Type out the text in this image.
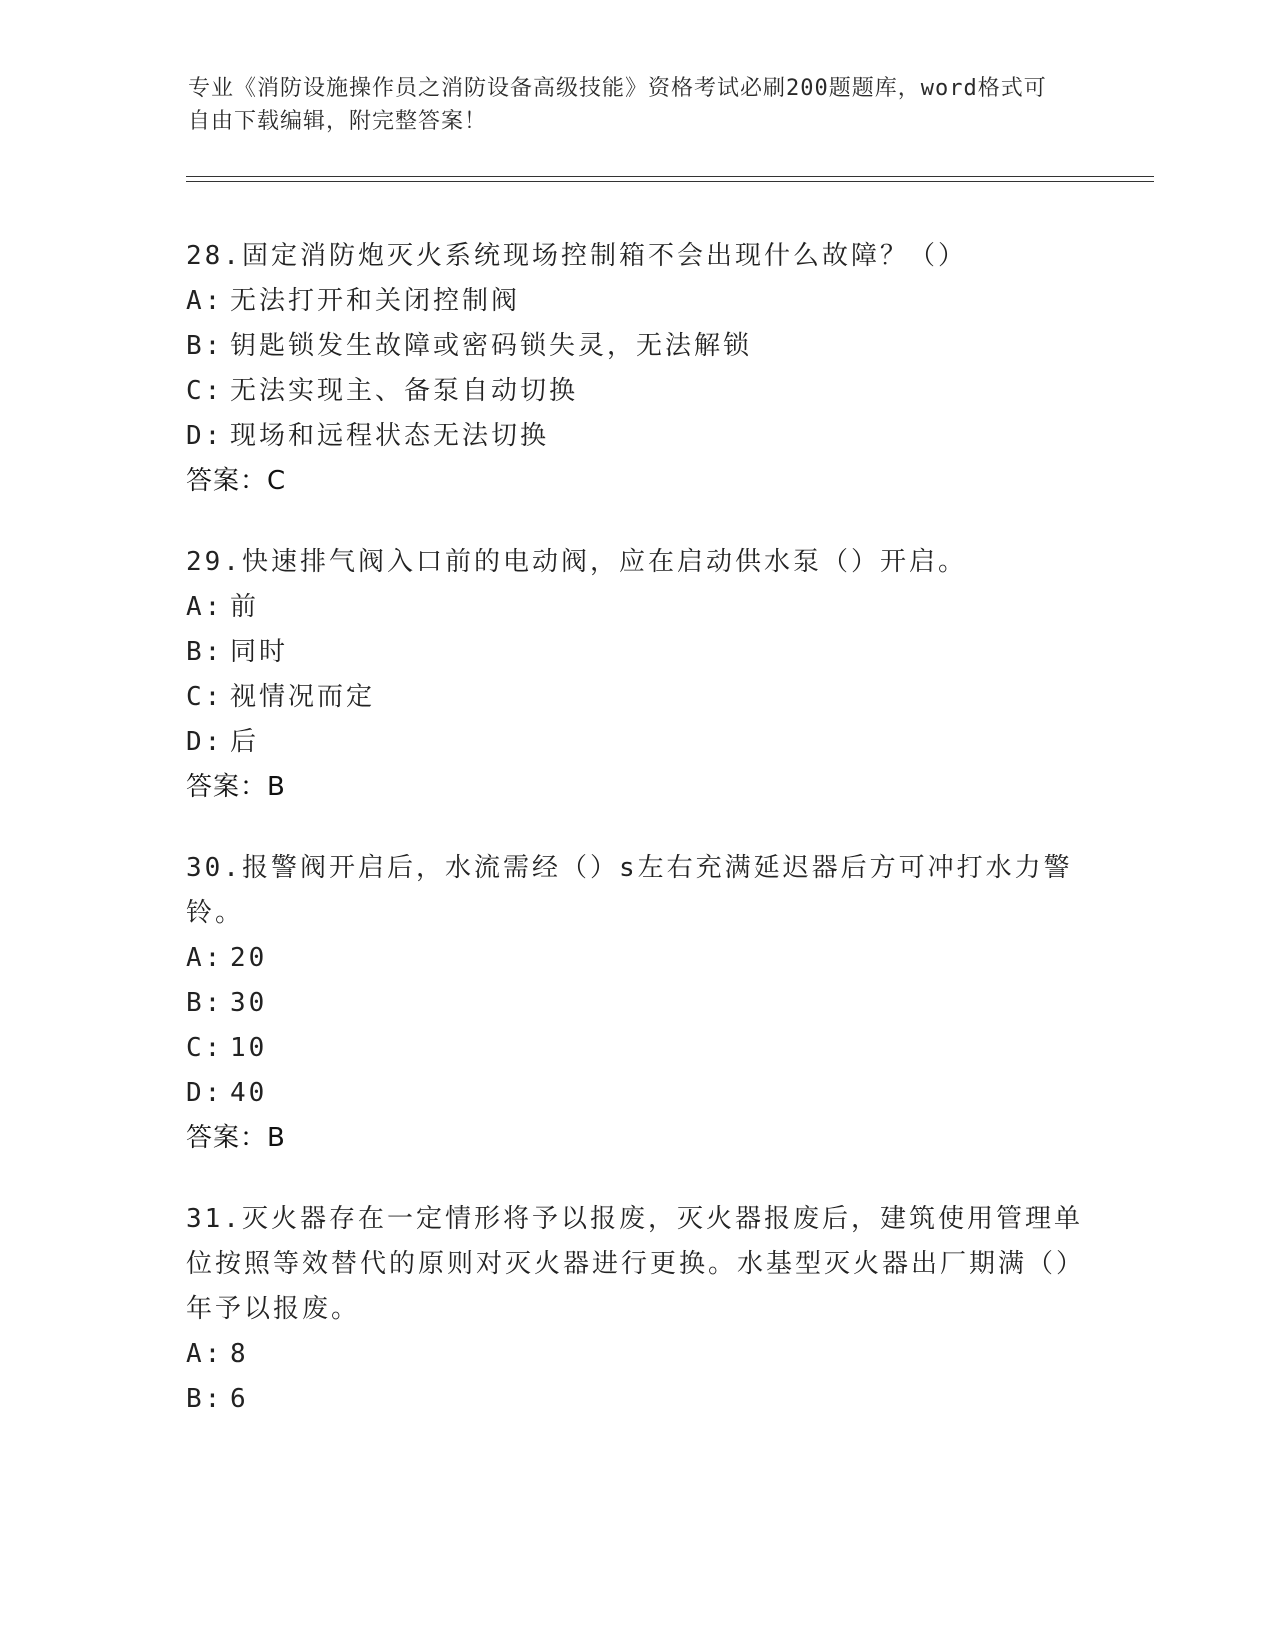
专业《消防设施操作员之消防设备高级技能》资格考试必刷200题题库，word格式可自由下载编辑，附完整答案！

28.固定消防炮灭火系统现场控制箱不会出现什么故障？（）

A: 无法打开和关闭控制阀

B: 钥匙锁发生故障或密码锁失灵，无法解锁

C: 无法实现主、备泵自动切换

D: 现场和远程状态无法切换

答案：C

29.快速排气阀入口前的电动阀，应在启动供水泵（）开启。

A: 前

B: 同时

C: 视情况而定

D: 后

答案：B

30.报警阀开启后，水流需经（）s左右充满延迟器后方可冲打水力警铃。

A: 20

B: 30

C: 10

D: 40

答案：B

31.灭火器存在一定情形将予以报废，灭火器报废后，建筑使用管理单位按照等效替代的原则对灭火器进行更换。水基型灭火器出厂期满（）年予以报废。

A: 8

B: 6
